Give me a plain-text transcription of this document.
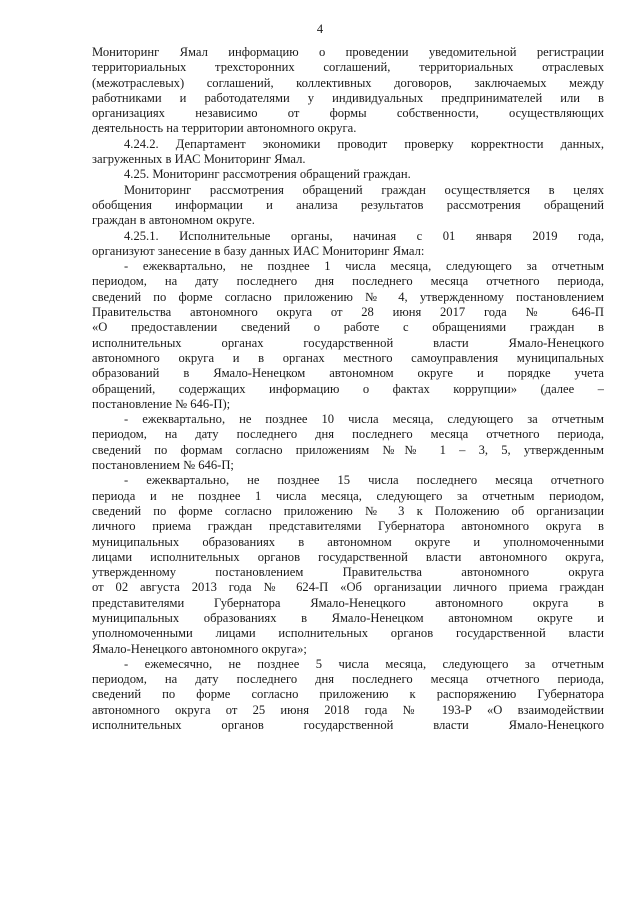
4
Мониторинг Ямал информацию о проведении уведомительной регистрации
территориальных трехсторонних соглашений, территориальных отраслевых
(межотраслевых) соглашений, коллективных договоров, заключаемых между
работниками и работодателями у индивидуальных предпринимателей или в
организациях независимо от формы собственности, осуществляющих
деятельность на территории автономного округа.
4.24.2. Департамент экономики проводит проверку корректности данных,
загруженных в ИАС Мониторинг Ямал.
4.25. Мониторинг рассмотрения обращений граждан.
Мониторинг рассмотрения обращений граждан осуществляется в целях
обобщения информации и анализа результатов рассмотрения обращений
граждан в автономном округе.
4.25.1. Исполнительные органы, начиная с 01 января 2019 года,
организуют занесение в базу данных ИАС Мониторинг Ямал:
- ежеквартально, не позднее 1 числа месяца, следующего за отчетным
периодом, на дату последнего дня последнего месяца отчетного периода,
сведений по форме согласно приложению № 4, утвержденному постановлением
Правительства автономного округа от 28 июня 2017 года № 646-П
«О предоставлении сведений о работе с обращениями граждан в
исполнительных органах государственной власти Ямало-Ненецкого
автономного округа и в органах местного самоуправления муниципальных
образований в Ямало-Ненецком автономном округе и порядке учета
обращений, содержащих информацию о фактах коррупции» (далее –
постановление № 646-П);
- ежеквартально, не позднее 10 числа месяца, следующего за отчетным
периодом, на дату последнего дня последнего месяца отчетного периода,
сведений по формам согласно приложениям №№ 1 – 3, 5, утвержденным
постановлением № 646-П;
- ежеквартально, не позднее 15 числа последнего месяца отчетного
периода и не позднее 1 числа месяца, следующего за отчетным периодом,
сведений по форме согласно приложению № 3 к Положению об организации
личного приема граждан представителями Губернатора автономного округа в
муниципальных образованиях в автономном округе и уполномоченными
лицами исполнительных органов государственной власти автономного округа,
утвержденному постановлением Правительства автономного округа
от 02 августа 2013 года № 624-П «Об организации личного приема граждан
представителями Губернатора Ямало-Ненецкого автономного округа в
муниципальных образованиях в Ямало-Ненецком автономном округе и
уполномоченными лицами исполнительных органов государственной власти
Ямало-Ненецкого автономного округа»;
- ежемесячно, не позднее 5 числа месяца, следующего за отчетным
периодом, на дату последнего дня последнего месяца отчетного периода,
сведений по форме согласно приложению к распоряжению Губернатора
автономного округа от 25 июня 2018 года № 193-Р «О взаимодействии
исполнительных органов государственной власти Ямало-Ненецкого
